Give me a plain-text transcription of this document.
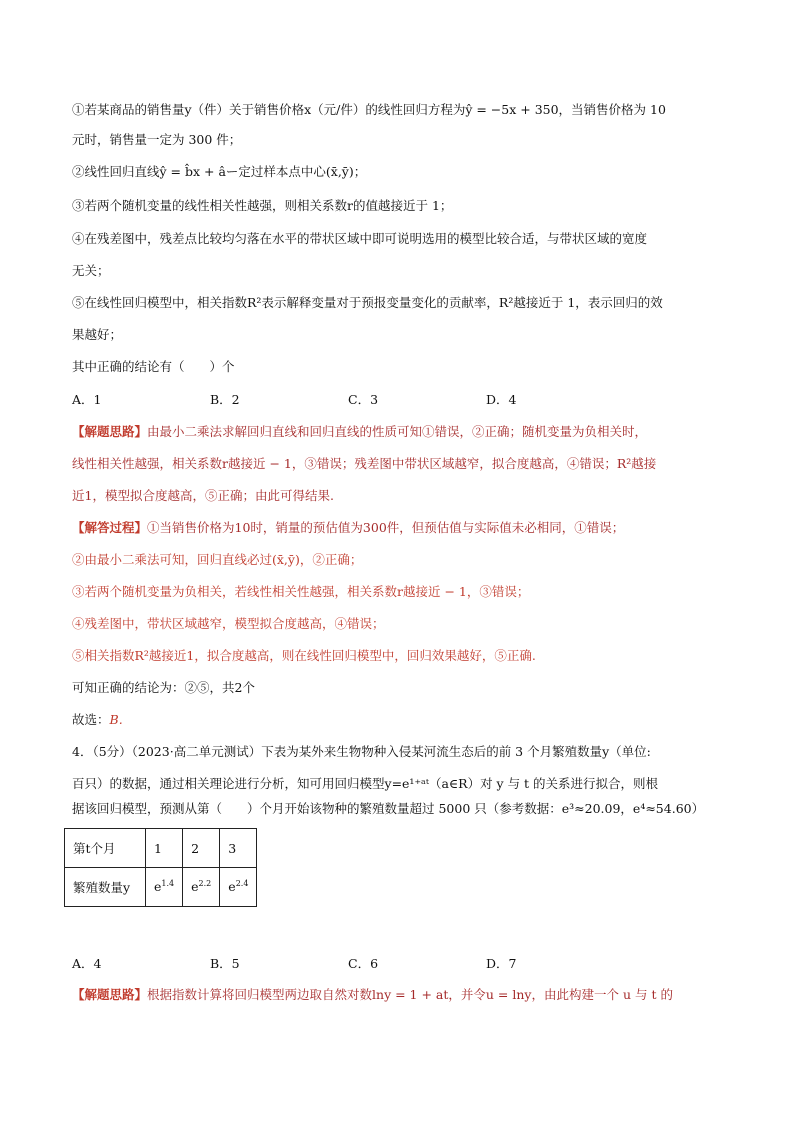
①若某商品的销售量y（件）关于销售价格x（元/件）的线性回归方程为ŷ = −5x + 350，当销售价格为 10
元时，销售量一定为 300 件；
②线性回归直线ŷ = b̂x + âー定过样本点中心(x̄,ȳ)；
③若两个随机变量的线性相关性越强，则相关系数r的值越接近于 1；
④在残差图中，残差点比较均匀落在水平的带状区域中即可说明选用的模型比较合适，与带状区域的宽度
无关；
⑤在线性回归模型中，相关指数R²表示解释变量对于预报变量变化的贡献率，R²越接近于 1，表示回归的效
果越好；
其中正确的结论有（　　）个
A．1	B．2	C．3	D．4
【解题思路】由最小二乘法求解回归直线和回归直线的性质可知①错误，②正确；随机变量为负相关时，
线性相关性越强，相关系数r越接近 − 1，③错误；残差图中带状区域越窄，拟合度越高，④错误；R²越接
近1，模型拟合度越高，⑤正确；由此可得结果.
【解答过程】①当销售价格为10时，销量的预估值为300件，但预估值与实际值未必相同，①错误；
②由最小二乘法可知，回归直线必过(x̄,ȳ)，②正确；
③若两个随机变量为负相关，若线性相关性越强，相关系数r越接近 − 1，③错误；
④残差图中，带状区域越窄，模型拟合度越高，④错误；
⑤相关指数R²越接近1，拟合度越高，则在线性回归模型中，回归效果越好，⑤正确.
可知正确的结论为：②⑤，共2个
故选：B.
4．（5分）（2023·高二单元测试）下表为某外来生物物种入侵某河流生态后的前 3 个月繁殖数量y（单位:
百只）的数据，通过相关理论进行分析，知可用回归模型y=e¹⁺ᵃᵗ（a∈R）对 y 与 t 的关系进行拟合，则根
据该回归模型，预测从第（　　）个月开始该物种的繁殖数量超过 5000 只（参考数据：e³≈20.09，e⁴≈54.60）
第t个月	1	2	3
繁殖数量y	$e^{1.4}$	$e^{2.2}$	$e^{2.4}$
A．4	B．5	C．6	D．7
【解题思路】根据指数计算将回归模型两边取自然对数lny = 1 + at，并令u = lny，由此构建一个 u 与 t 的
